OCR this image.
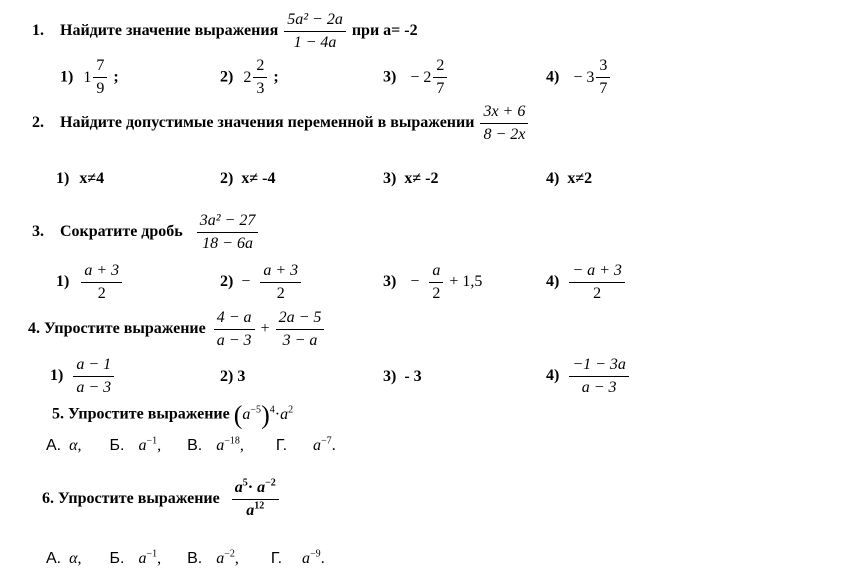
1. Найдите значение выражения $\frac{\text{5a² − 2a}}{1 - 4a}$ при a= -2
1) $1 \frac{7}{9}$ ;	2) $2 \frac{2}{3}$ ;	$3) - 2 \frac{2}{7}$	$4) - 3 \frac{3}{7}$
2. Найдите допустимые значения переменной в выражении $\frac{3x + 6}{8 - 2x}$
1) x≠4	2) x≠ -4	3) x≠ -2	4) x≠2
3. Сократите дробь $\frac{\text{3a² − 27}}{18 - 6a}$
$1) \frac{a + 3}{2}$	$2) - \frac{a + 3}{2}$	$3) - \frac{a}{2} + 1,5$	$4) \frac{- a + 3}{2}$
4. Упростите выражение $\frac{4 - a}{a - 3} + \frac{2a - 5}{3 - a}$
$1) \frac{a - 1}{a - 3}$	2) 3	3) - 3	$4) \frac{-1 - 3a}{a - 3}$
5. Упростите выражение $(a^{-5})^4\cdot a^2$
А. α, Б. $a^{-1}$, В. $a^{-18}$, Г. $a^{-7}$.
6. Упростите выражение $\frac{a^5\cdot a^{-2}}{a^{12}}$
А. α, Б. $a^{-1}$, В. $a^{-2}$, Г. $a^{-9}$.
